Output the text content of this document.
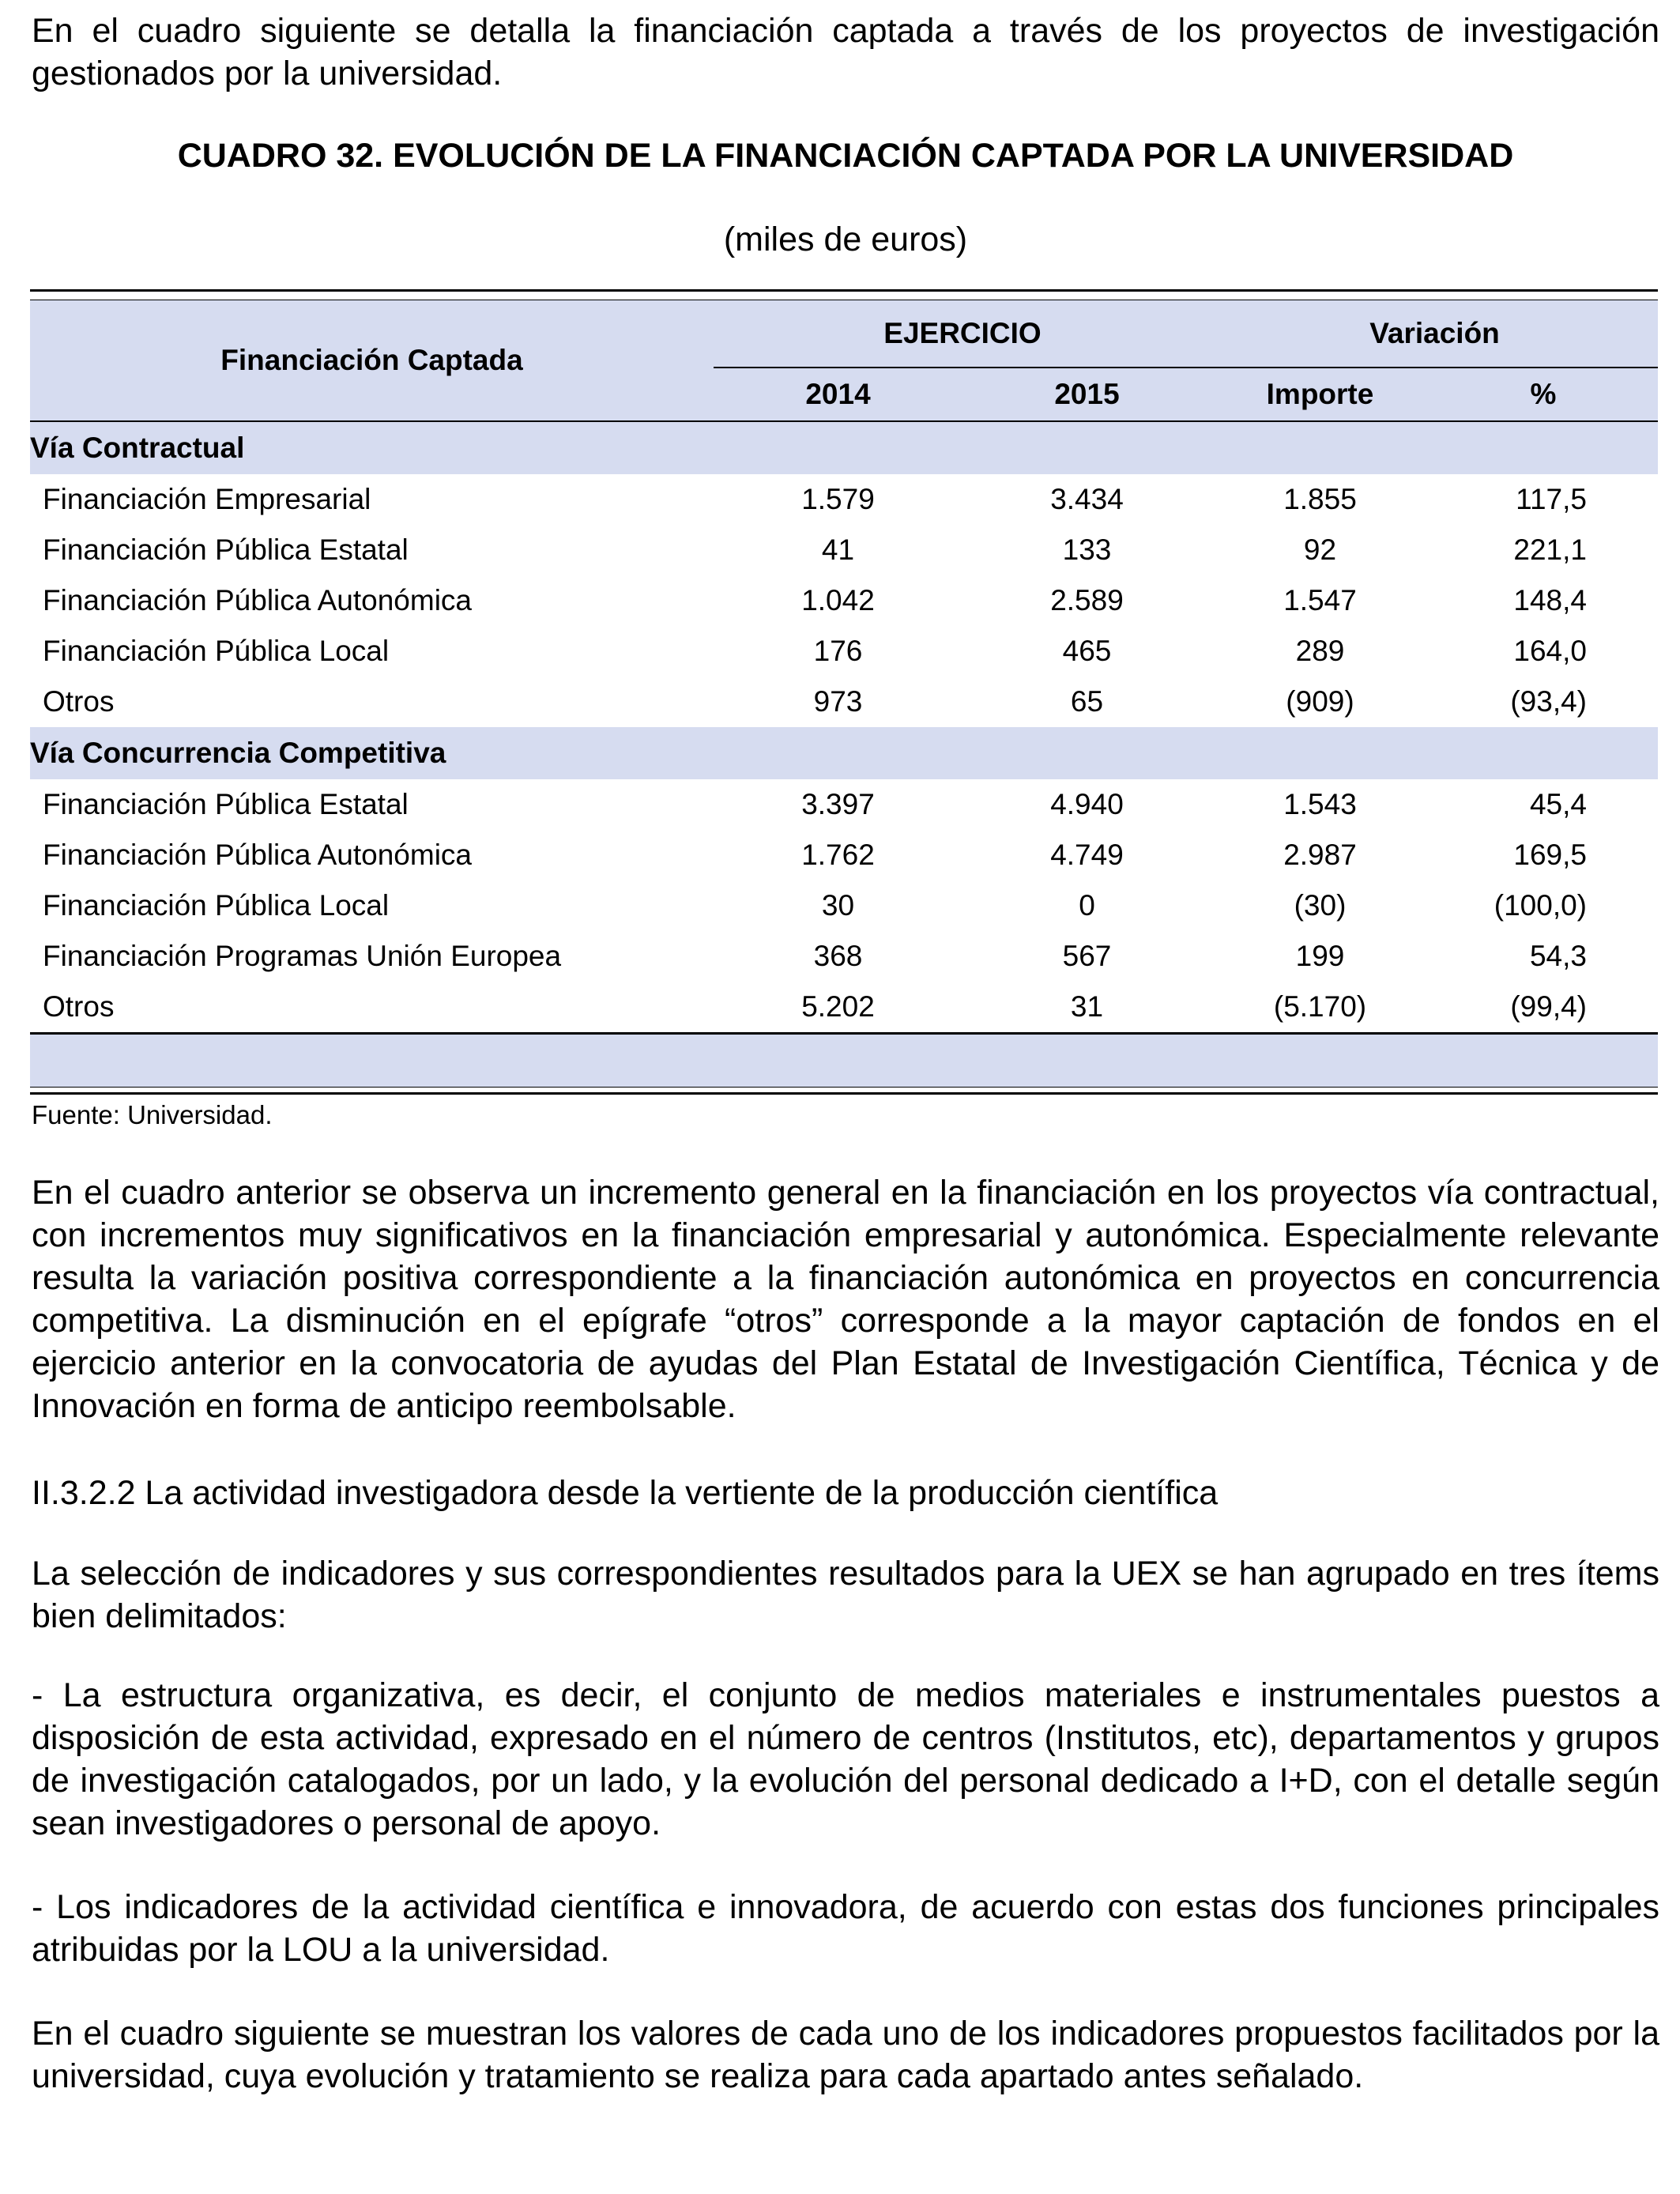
En el cuadro siguiente se detalla la financiación captada a través de los proyectos de investigación gestionados por la universidad.

CUADRO 32. EVOLUCIÓN DE LA FINANCIACIÓN CAPTADA POR LA UNIVERSIDAD
(miles de euros)

Financiación Captada	EJERCICIO		Variación	
	2014	2015	Importe	%
Vía Contractual				
Financiación Empresarial	1.579	3.434	1.855	117,5
Financiación Pública Estatal	41	133	92	221,1
Financiación Pública Autonómica	1.042	2.589	1.547	148,4
Financiación Pública Local	176	465	289	164,0
Otros	973	65	(909)	(93,4)
Vía Concurrencia Competitiva				
Financiación Pública Estatal	3.397	4.940	1.543	45,4
Financiación Pública Autonómica	1.762	4.749	2.987	169,5
Financiación Pública Local	30	0	(30)	(100,0)
Financiación Programas Unión Europea	368	567	199	54,3
Otros	5.202	31	(5.170)	(99,4)

Fuente: Universidad.

En el cuadro anterior se observa un incremento general en la financiación en los proyectos vía contractual, con incrementos muy significativos en la financiación empresarial y autonómica. Especialmente relevante resulta la variación positiva correspondiente a la financiación autonómica en proyectos en concurrencia competitiva. La disminución en el epígrafe “otros” corresponde a la mayor captación de fondos en el ejercicio anterior en la convocatoria de ayudas del Plan Estatal de Investigación Científica, Técnica y de Innovación en forma de anticipo reembolsable.

II.3.2.2 La actividad investigadora desde la vertiente de la producción científica

La selección de indicadores y sus correspondientes resultados para la UEX se han agrupado en tres ítems bien delimitados:

- La estructura organizativa, es decir, el conjunto de medios materiales e instrumentales puestos a disposición de esta actividad, expresado en el número de centros (Institutos, etc), departamentos y grupos de investigación catalogados, por un lado, y la evolución del personal dedicado a I+D, con el detalle según sean investigadores o personal de apoyo.

- Los indicadores de la actividad científica e innovadora, de acuerdo con estas dos funciones principales atribuidas por la LOU a la universidad.

En el cuadro siguiente se muestran los valores de cada uno de los indicadores propuestos facilitados por la universidad, cuya evolución y tratamiento se realiza para cada apartado antes señalado.
